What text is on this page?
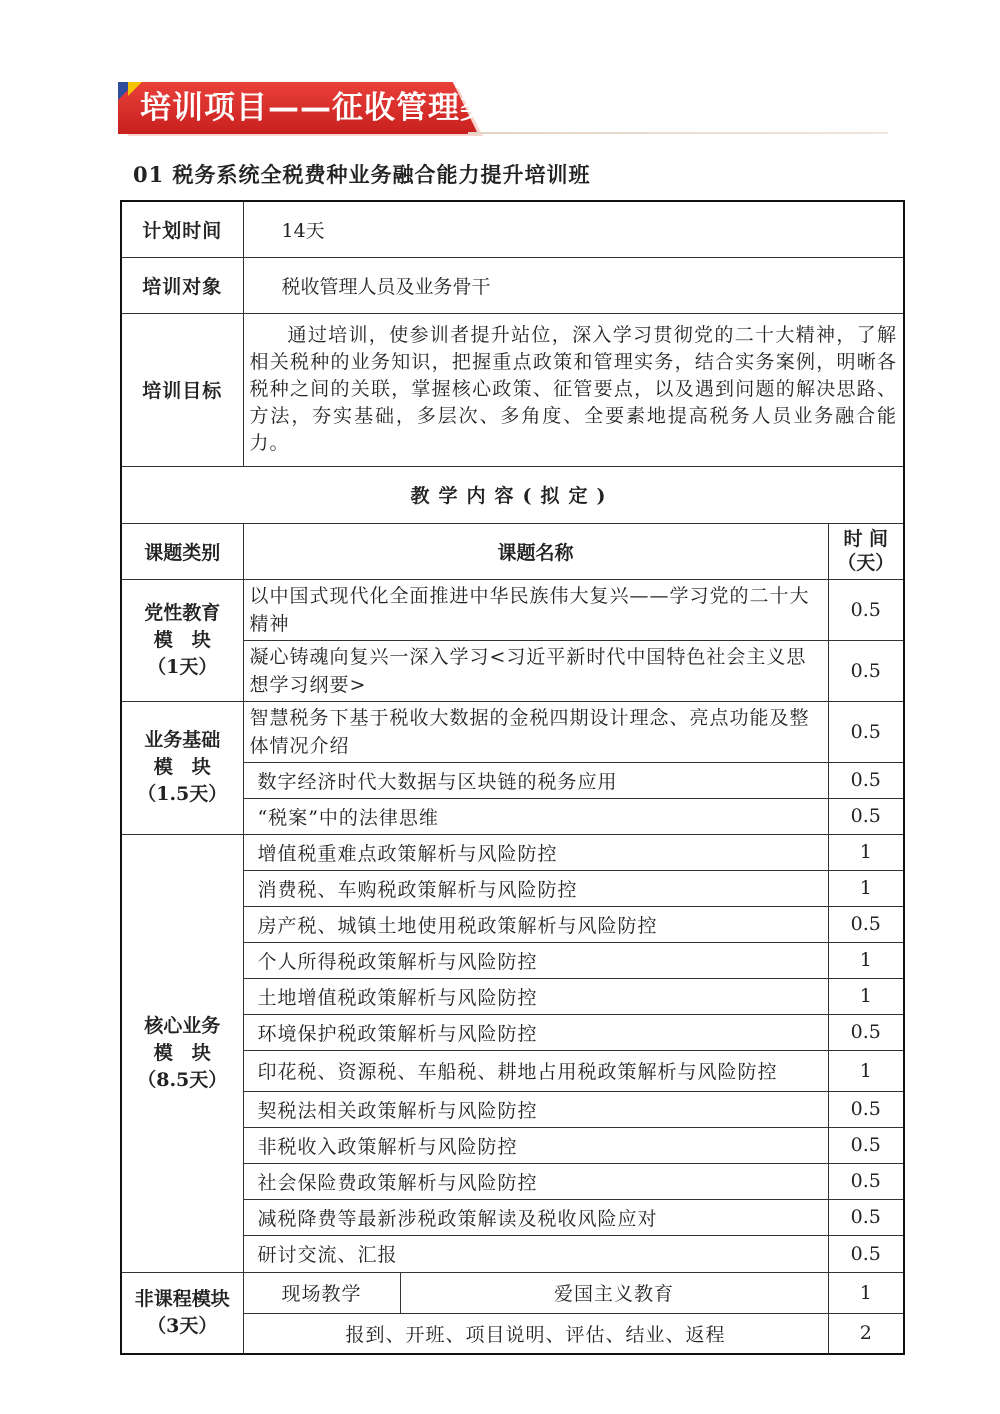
培训项目——征收管理类
01 税务系统全税费种业务融合能力提升培训班
计划时间	14天		
培训对象	税收管理人员及业务骨干		
培训目标	通过培训，使参训者提升站位，深入学习贯彻党的二十大精神，了解相关税种的业务知识，把握重点政策和管理实务，结合实务案例，明晰各税种之间的关联，掌握核心政策、征管要点，以及遇到问题的解决思路、方法，夯实基础，多层次、多角度、全要素地提高税务人员业务融合能力。		

教学内容(拟定)			
课题类别	课题名称		时 间
（天）

党性教育
模　块
（1天）	以中国式现代化全面推进中华民族伟大复兴——学习党的二十大精神		0.5
	凝心铸魂向复兴一深入学习<习近平新时代中国特色社会主义思想学习纲要>		0.5

业务基础
模　块
（1.5天）	智慧税务下基于税收大数据的金税四期设计理念、亮点功能及整体情况介绍		0.5
	数字经济时代大数据与区块链的税务应用		0.5
	“税案”中的法律思维		0.5

核心业务
模　块
（8.5天）	增值税重难点政策解析与风险防控		1
	消费税、车购税政策解析与风险防控		1
	房产税、城镇土地使用税政策解析与风险防控		0.5
	个人所得税政策解析与风险防控		1
	土地增值税政策解析与风险防控		1
	环境保护税政策解析与风险防控		0.5
	印花税、资源税、车船税、耕地占用税政策解析与风险防控		1
	契税法相关政策解析与风险防控		0.5
	非税收入政策解析与风险防控		0.5
	社会保险费政策解析与风险防控		0.5
	减税降费等最新涉税政策解读及税收风险应对		0.5
	研讨交流、汇报		0.5

非课程模块
（3天）	现场教学	爱国主义教育	1
	报到、开班、项目说明、评估、结业、返程		2
